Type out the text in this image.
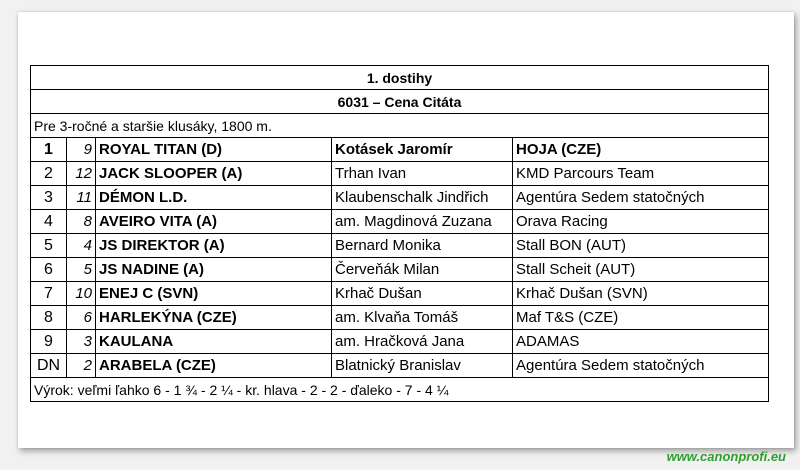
1. dostihy				
6031 – Cena Citáta				
Pre 3-ročné a staršie klusáky, 1800 m.				
1	9	ROYAL TITAN (D)	Kotásek Jaromír	HOJA (CZE)
2	12	JACK SLOOPER (A)	Trhan Ivan	KMD Parcours Team
3	11	DÉMON L.D.	Klaubenschalk Jindřich	Agentúra Sedem statočných
4	8	AVEIRO VITA (A)	am. Magdinová Zuzana	Orava Racing
5	4	JS DIREKTOR (A)	Bernard Monika	Stall BON (AUT)
6	5	JS NADINE (A)	Červeňák Milan	Stall Scheit (AUT)
7	10	ENEJ C (SVN)	Krhač Dušan	Krhač Dušan (SVN)
8	6	HARLEKÝNA (CZE)	am. Klvaňa Tomáš	Maf T&S (CZE)
9	3	KAULANA	am. Hračková Jana	ADAMAS
DN	2	ARABELA (CZE)	Blatnický Branislav	Agentúra Sedem statočných
Výrok: veľmi ľahko 6 - 1 ¾ - 2 ¼ - kr. hlava - 2 - 2 - ďaleko - 7 - 4 ¼				
www.canonprofi.eu
